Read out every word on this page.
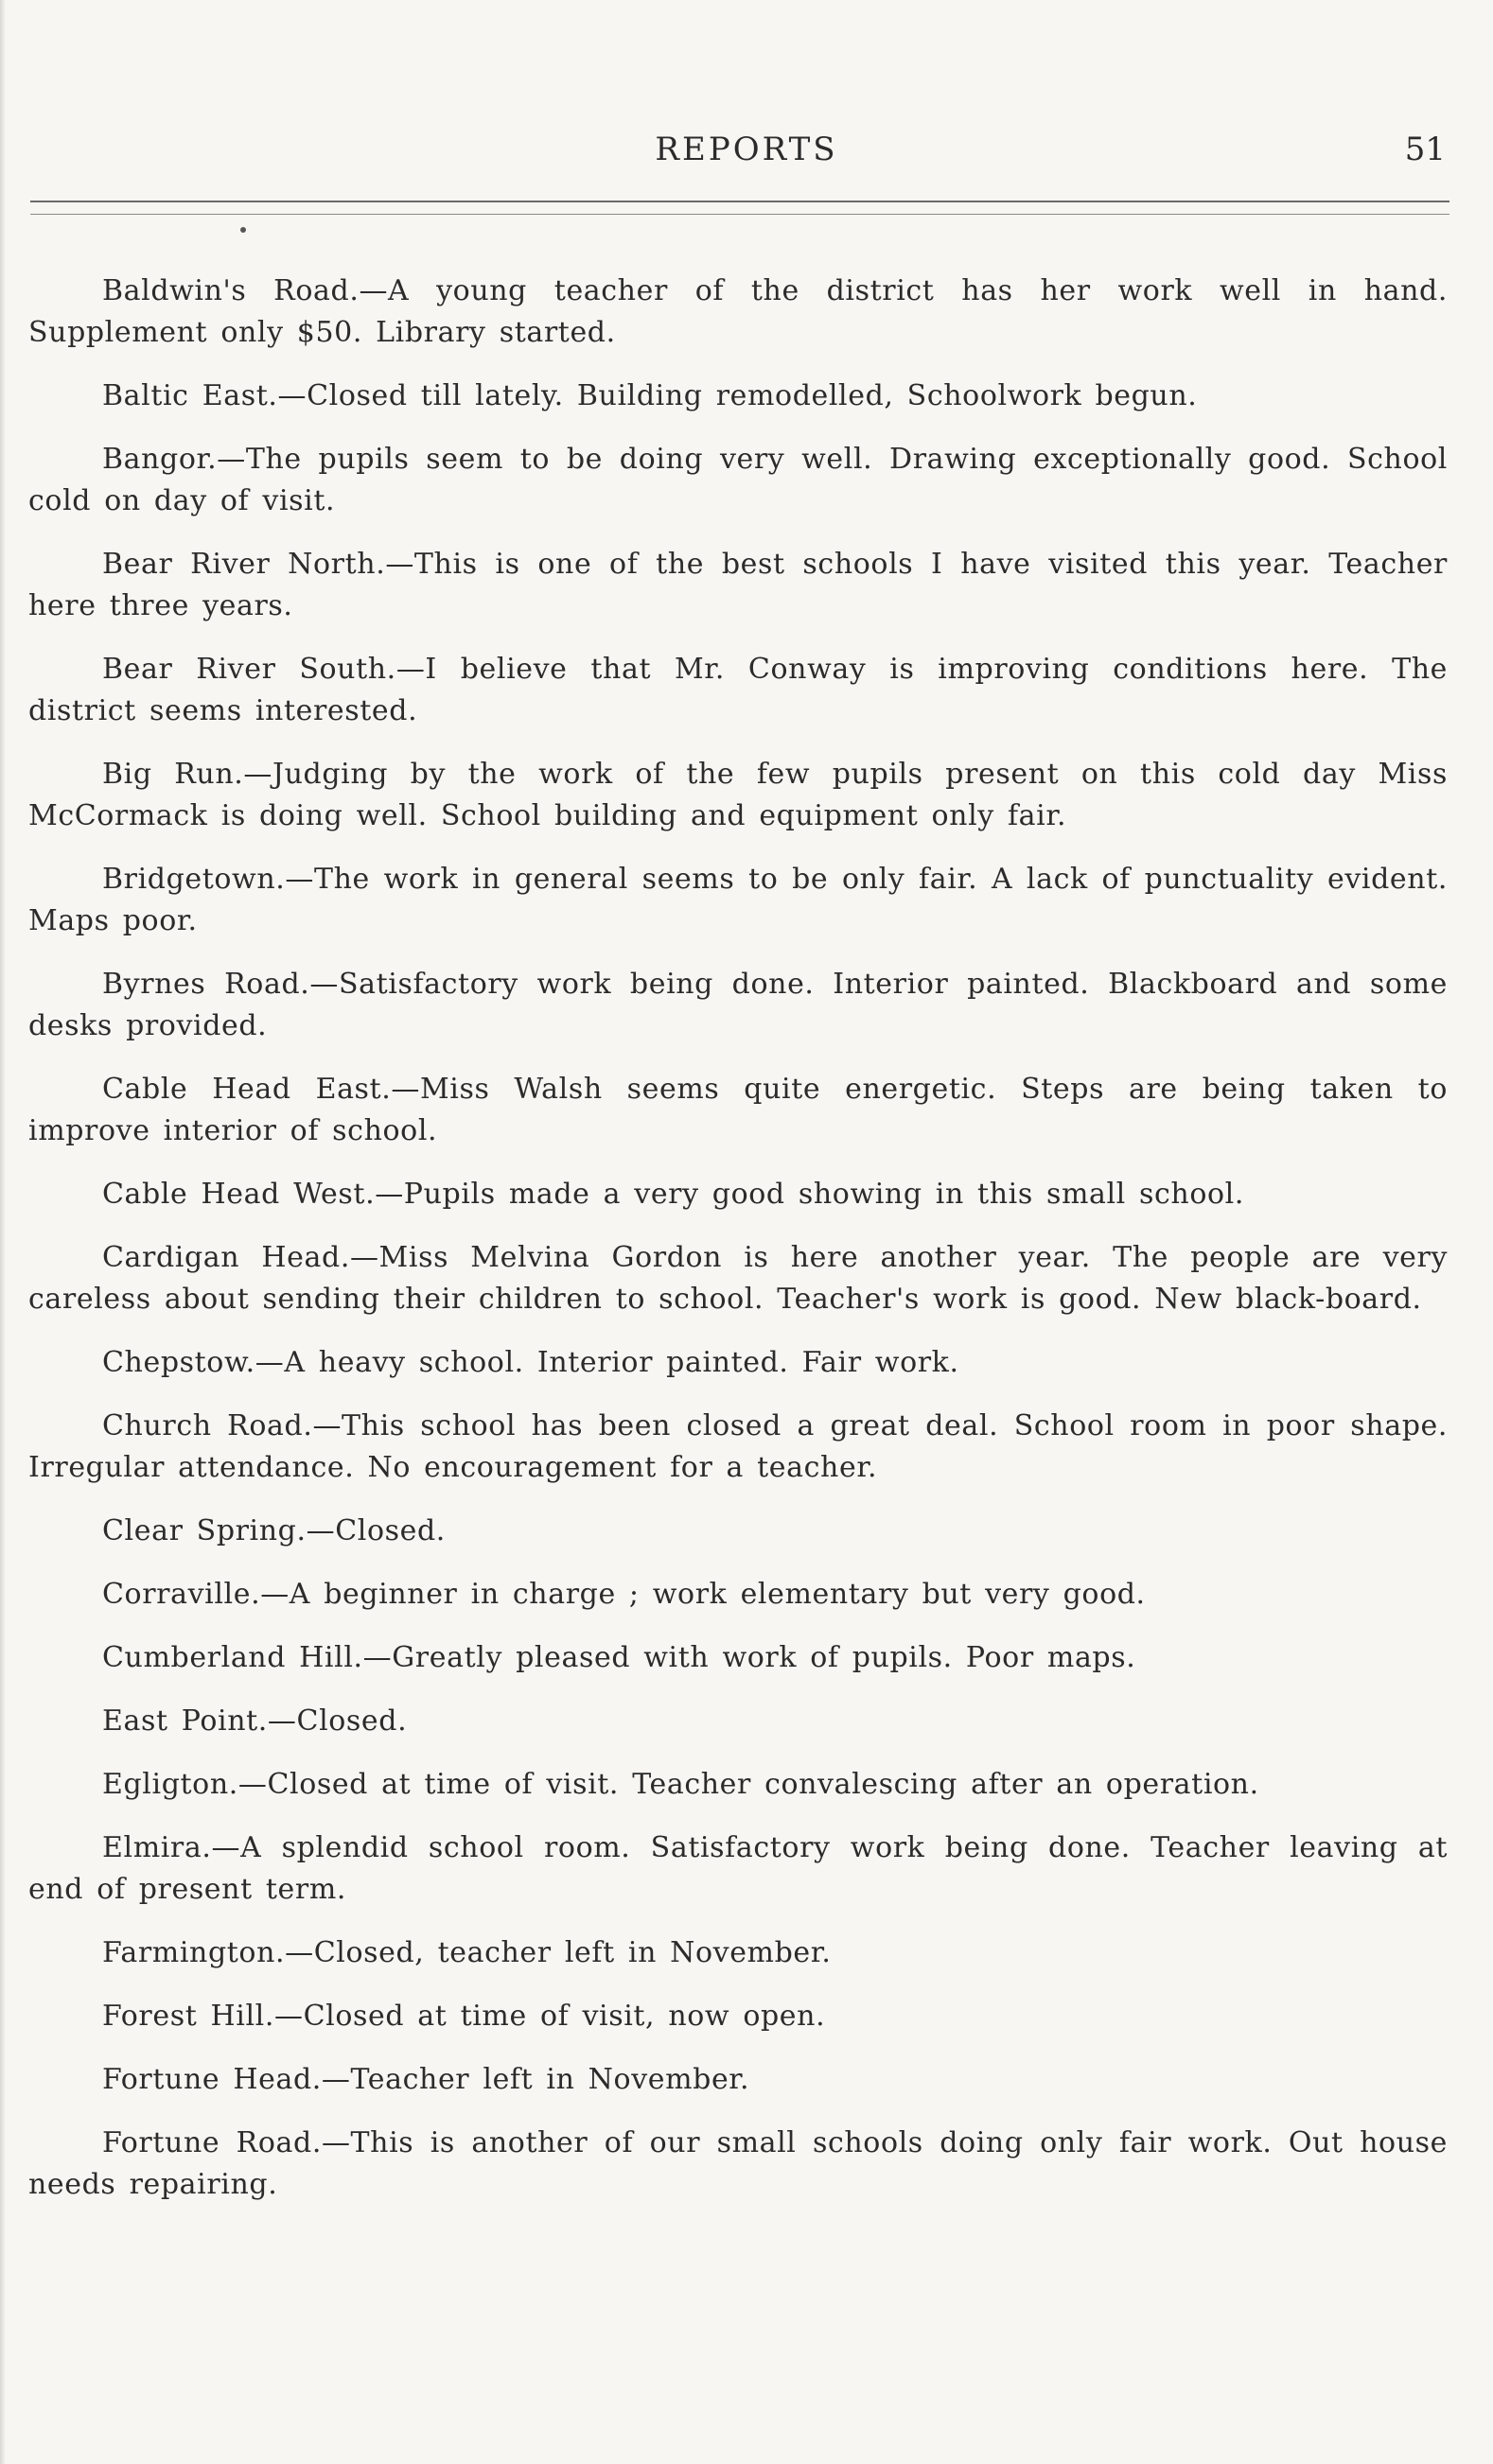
REPORTS	51

Baldwin's Road.—A young teacher of the district has her work well in hand. Supplement only $50. Library started.

Baltic East.—Closed till lately. Building remodelled, Schoolwork begun.

Bangor.—The pupils seem to be doing very well. Drawing exceptionally good. School cold on day of visit.

Bear River North.—This is one of the best schools I have visited this year. Teacher here three years.

Bear River South.—I believe that Mr. Conway is improving conditions here. The district seems interested.

Big Run.—Judging by the work of the few pupils present on this cold day Miss McCormack is doing well. School building and equipment only fair.

Bridgetown.—The work in general seems to be only fair. A lack of punctuality evident. Maps poor.

Byrnes Road.—Satisfactory work being done. Interior painted. Blackboard and some desks provided.

Cable Head East.—Miss Walsh seems quite energetic. Steps are being taken to improve interior of school.

Cable Head West.—Pupils made a very good showing in this small school.

Cardigan Head.—Miss Melvina Gordon is here another year. The people are very careless about sending their children to school. Teacher's work is good. New black-board.

Chepstow.—A heavy school. Interior painted. Fair work.

Church Road.—This school has been closed a great deal. School room in poor shape. Irregular attendance. No encouragement for a teacher.

Clear Spring.—Closed.

Corraville.—A beginner in charge ; work elementary but very good.

Cumberland Hill.—Greatly pleased with work of pupils. Poor maps.

East Point.—Closed.

Egligton.—Closed at time of visit. Teacher convalescing after an operation.

Elmira.—A splendid school room. Satisfactory work being done. Teacher leaving at end of present term.

Farmington.—Closed, teacher left in November.

Forest Hill.—Closed at time of visit, now open.

Fortune Head.—Teacher left in November.

Fortune Road.—This is another of our small schools doing only fair work. Out house needs repairing.
